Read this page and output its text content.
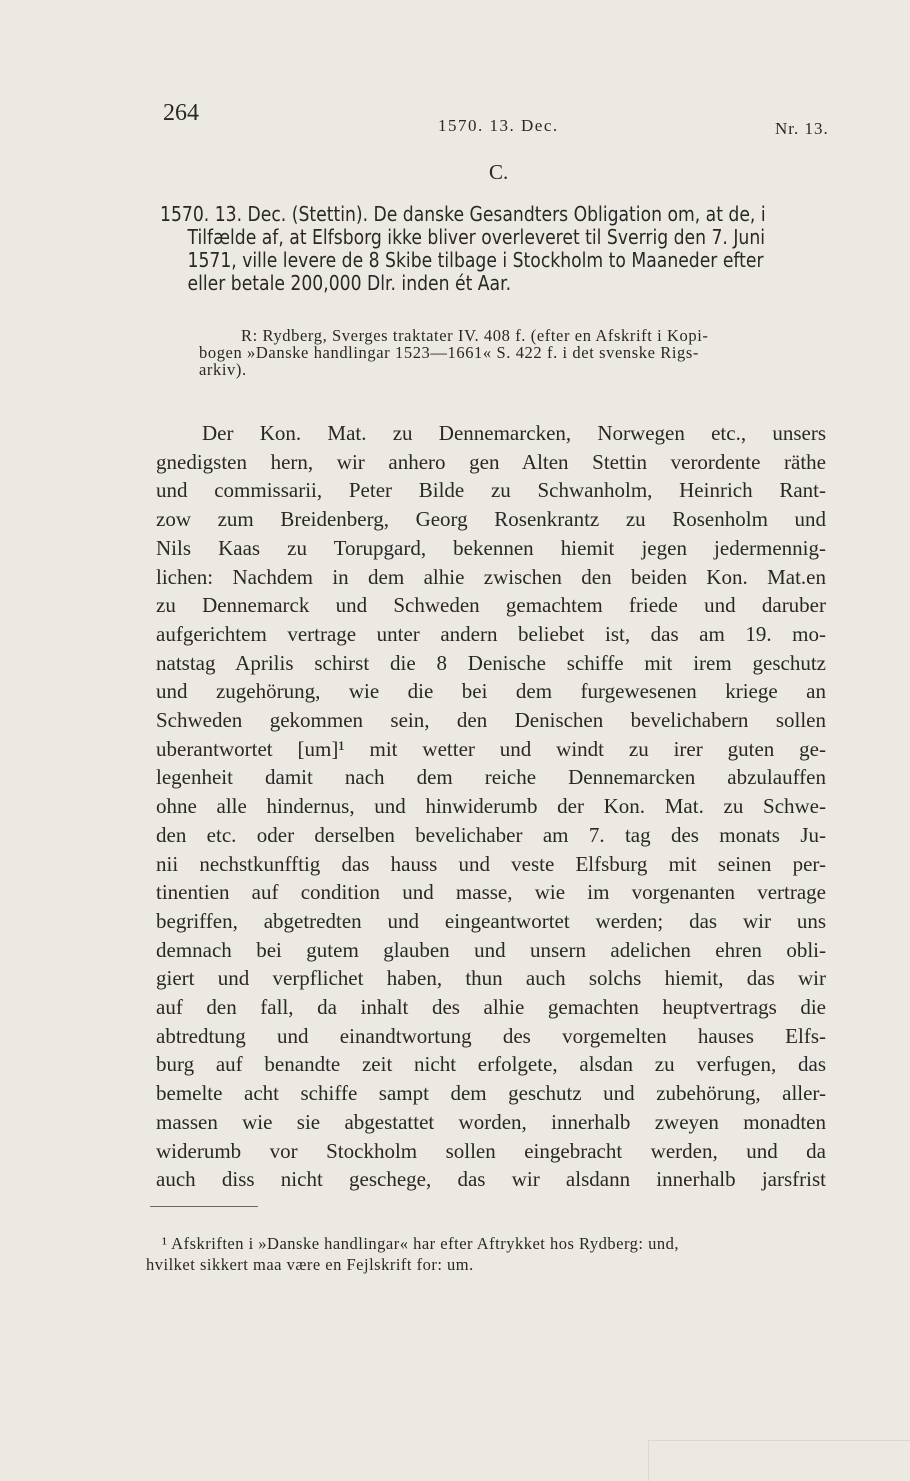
264	1570. 13. Dec.	Nr. 13.
C.
1570. 13. Dec. (Stettin). De danske Gesandters Obligation om, at de, i
Tilfælde af, at Elfsborg ikke bliver overleveret til Sverrig den 7. Juni
1571, ville levere de 8 Skibe tilbage i Stockholm to Maaneder efter
eller betale 200,000 Dlr. inden ét Aar.
R: Rydberg, Sverges traktater IV. 408 f. (efter en Afskrift i Kopi-
bogen »Danske handlingar 1523—1661« S. 422 f. i det svenske Rigs-
arkiv).
Der Kon. Mat. zu Dennemarcken, Norwegen etc., unsers
gnedigsten hern, wir anhero gen Alten Stettin verordente räthe
und commissarii, Peter Bilde zu Schwanholm, Heinrich Rant-
zow zum Breidenberg, Georg Rosenkrantz zu Rosenholm und
Nils Kaas zu Torupgard, bekennen hiemit jegen jedermennig-
lichen: Nachdem in dem alhie zwischen den beiden Kon. Mat.en
zu Dennemarck und Schweden gemachtem friede und daruber
aufgerichtem vertrage unter andern beliebet ist, das am 19. mo-
natstag Aprilis schirst die 8 Denische schiffe mit irem geschutz
und zugehörung, wie die bei dem furgewesenen kriege an
Schweden gekommen sein, den Denischen bevelichabern sollen
uberantwortet [um]¹ mit wetter und windt zu irer guten ge-
legenheit damit nach dem reiche Dennemarcken abzulauffen
ohne alle hindernus, und hinwiderumb der Kon. Mat. zu Schwe-
den etc. oder derselben bevelichaber am 7. tag des monats Ju-
nii nechstkunfftig das hauss und veste Elfsburg mit seinen per-
tinentien auf condition und masse, wie im vorgenanten vertrage
begriffen, abgetredten und eingeantwortet werden; das wir uns
demnach bei gutem glauben und unsern adelichen ehren obli-
giert und verpflichet haben, thun auch solchs hiemit, das wir
auf den fall, da inhalt des alhie gemachten heuptvertrags die
abtredtung und einandtwortung des vorgemelten hauses Elfs-
burg auf benandte zeit nicht erfolgete, alsdan zu verfugen, das
bemelte acht schiffe sampt dem geschutz und zubehörung, aller-
massen wie sie abgestattet worden, innerhalb zweyen monadten
widerumb vor Stockholm sollen eingebracht werden, und da
auch diss nicht geschege, das wir alsdann innerhalb jarsfrist
¹ Afskriften i »Danske handlingar« har efter Aftrykket hos Rydberg: und,
hvilket sikkert maa være en Fejlskrift for: um.
